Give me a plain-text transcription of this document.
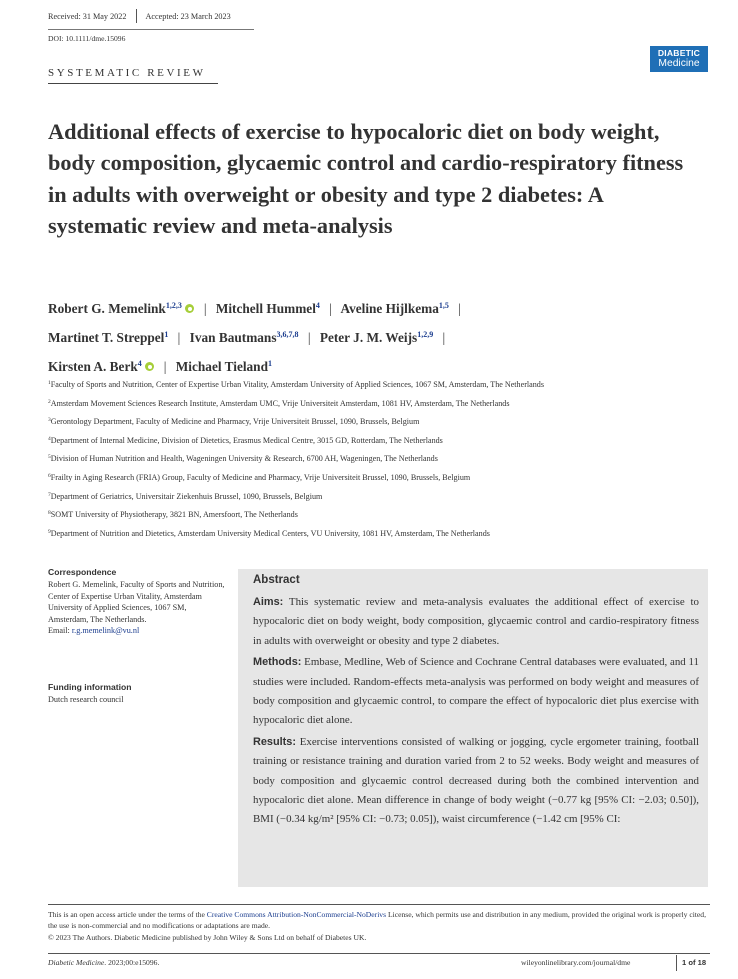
Received: 31 May 2022 Accepted: 23 March 2023
DOI: 10.1111/dme.15096
DIABETIC
Medicine
SYSTEMATIC REVIEW
Additional effects of exercise to hypocaloric diet on body weight, body composition, glycaemic control and cardio-respiratory fitness in adults with overweight or obesity and type 2 diabetes: A systematic review and meta-analysis
Robert G. Memelink$^{1,2,3}$  | Mitchell Hummel$^4$ | Aveline Hijlkema$^{1,5}$ |
Martinet T. Streppel$^1$ | Ivan Bautmans$^{3,6,7,8}$ | Peter J. M. Weijs$^{1,2,9}$ |
Kirsten A. Berk$^4$  | Michael Tieland$^1$
$^1$Faculty of Sports and Nutrition, Center of Expertise Urban Vitality, Amsterdam University of Applied Sciences, 1067 SM, Amsterdam, The Netherlands
$^2$Amsterdam Movement Sciences Research Institute, Amsterdam UMC, Vrije Universiteit Amsterdam, 1081 HV, Amsterdam, The Netherlands
$^3$Gerontology Department, Faculty of Medicine and Pharmacy, Vrije Universiteit Brussel, 1090, Brussels, Belgium
$^4$Department of Internal Medicine, Division of Dietetics, Erasmus Medical Centre, 3015 GD, Rotterdam, The Netherlands
$^5$Division of Human Nutrition and Health, Wageningen University & Research, 6700 AH, Wageningen, The Netherlands
$^6$Frailty in Aging Research (FRIA) Group, Faculty of Medicine and Pharmacy, Vrije Universiteit Brussel, 1090, Brussels, Belgium
$^7$Department of Geriatrics, Universitair Ziekenhuis Brussel, 1090, Brussels, Belgium
$^8$SOMT University of Physiotherapy, 3821 BN, Amersfoort, The Netherlands
$^9$Department of Nutrition and Dietetics, Amsterdam University Medical Centers, VU University, 1081 HV, Amsterdam, The Netherlands
Correspondence
Robert G. Memelink, Faculty of Sports and Nutrition, Center of Expertise Urban Vitality, Amsterdam University of Applied Sciences, 1067 SM, Amsterdam, The Netherlands.
Email: r.g.memelink@vu.nl
Funding information
Dutch research council
Abstract

Aims: This systematic review and meta-analysis evaluates the additional effect of exercise to hypocaloric diet on body weight, body composition, glycaemic control and cardio-respiratory fitness in adults with overweight or obesity and type 2 diabetes.

Methods: Embase, Medline, Web of Science and Cochrane Central databases were evaluated, and 11 studies were included. Random-effects meta-analysis was performed on body weight and measures of body composition and glycaemic control, to compare the effect of hypocaloric diet plus exercise with hypocaloric diet alone.

Results: Exercise interventions consisted of walking or jogging, cycle ergometer training, football training or resistance training and duration varied from 2 to 52 weeks. Body weight and measures of body composition and glycaemic control decreased during both the combined intervention and hypocaloric diet alone. Mean difference in change of body weight (−0.77 kg [95% CI: −2.03; 0.50]), BMI (−0.34 kg/m² [95% CI: −0.73; 0.05]), waist circumference (−1.42 cm [95% CI:

This is an open access article under the terms of the Creative Commons Attribution-NonCommercial-NoDerivs License, which permits use and distribution in any medium, provided the original work is properly cited, the use is non-commercial and no modifications or adaptations are made.
© 2023 The Authors. Diabetic Medicine published by John Wiley & Sons Ltd on behalf of Diabetes UK.
Diabetic Medicine. 2023;00:e15096.	wileyonlinelibrary.com/journal/dme	1 of 18
